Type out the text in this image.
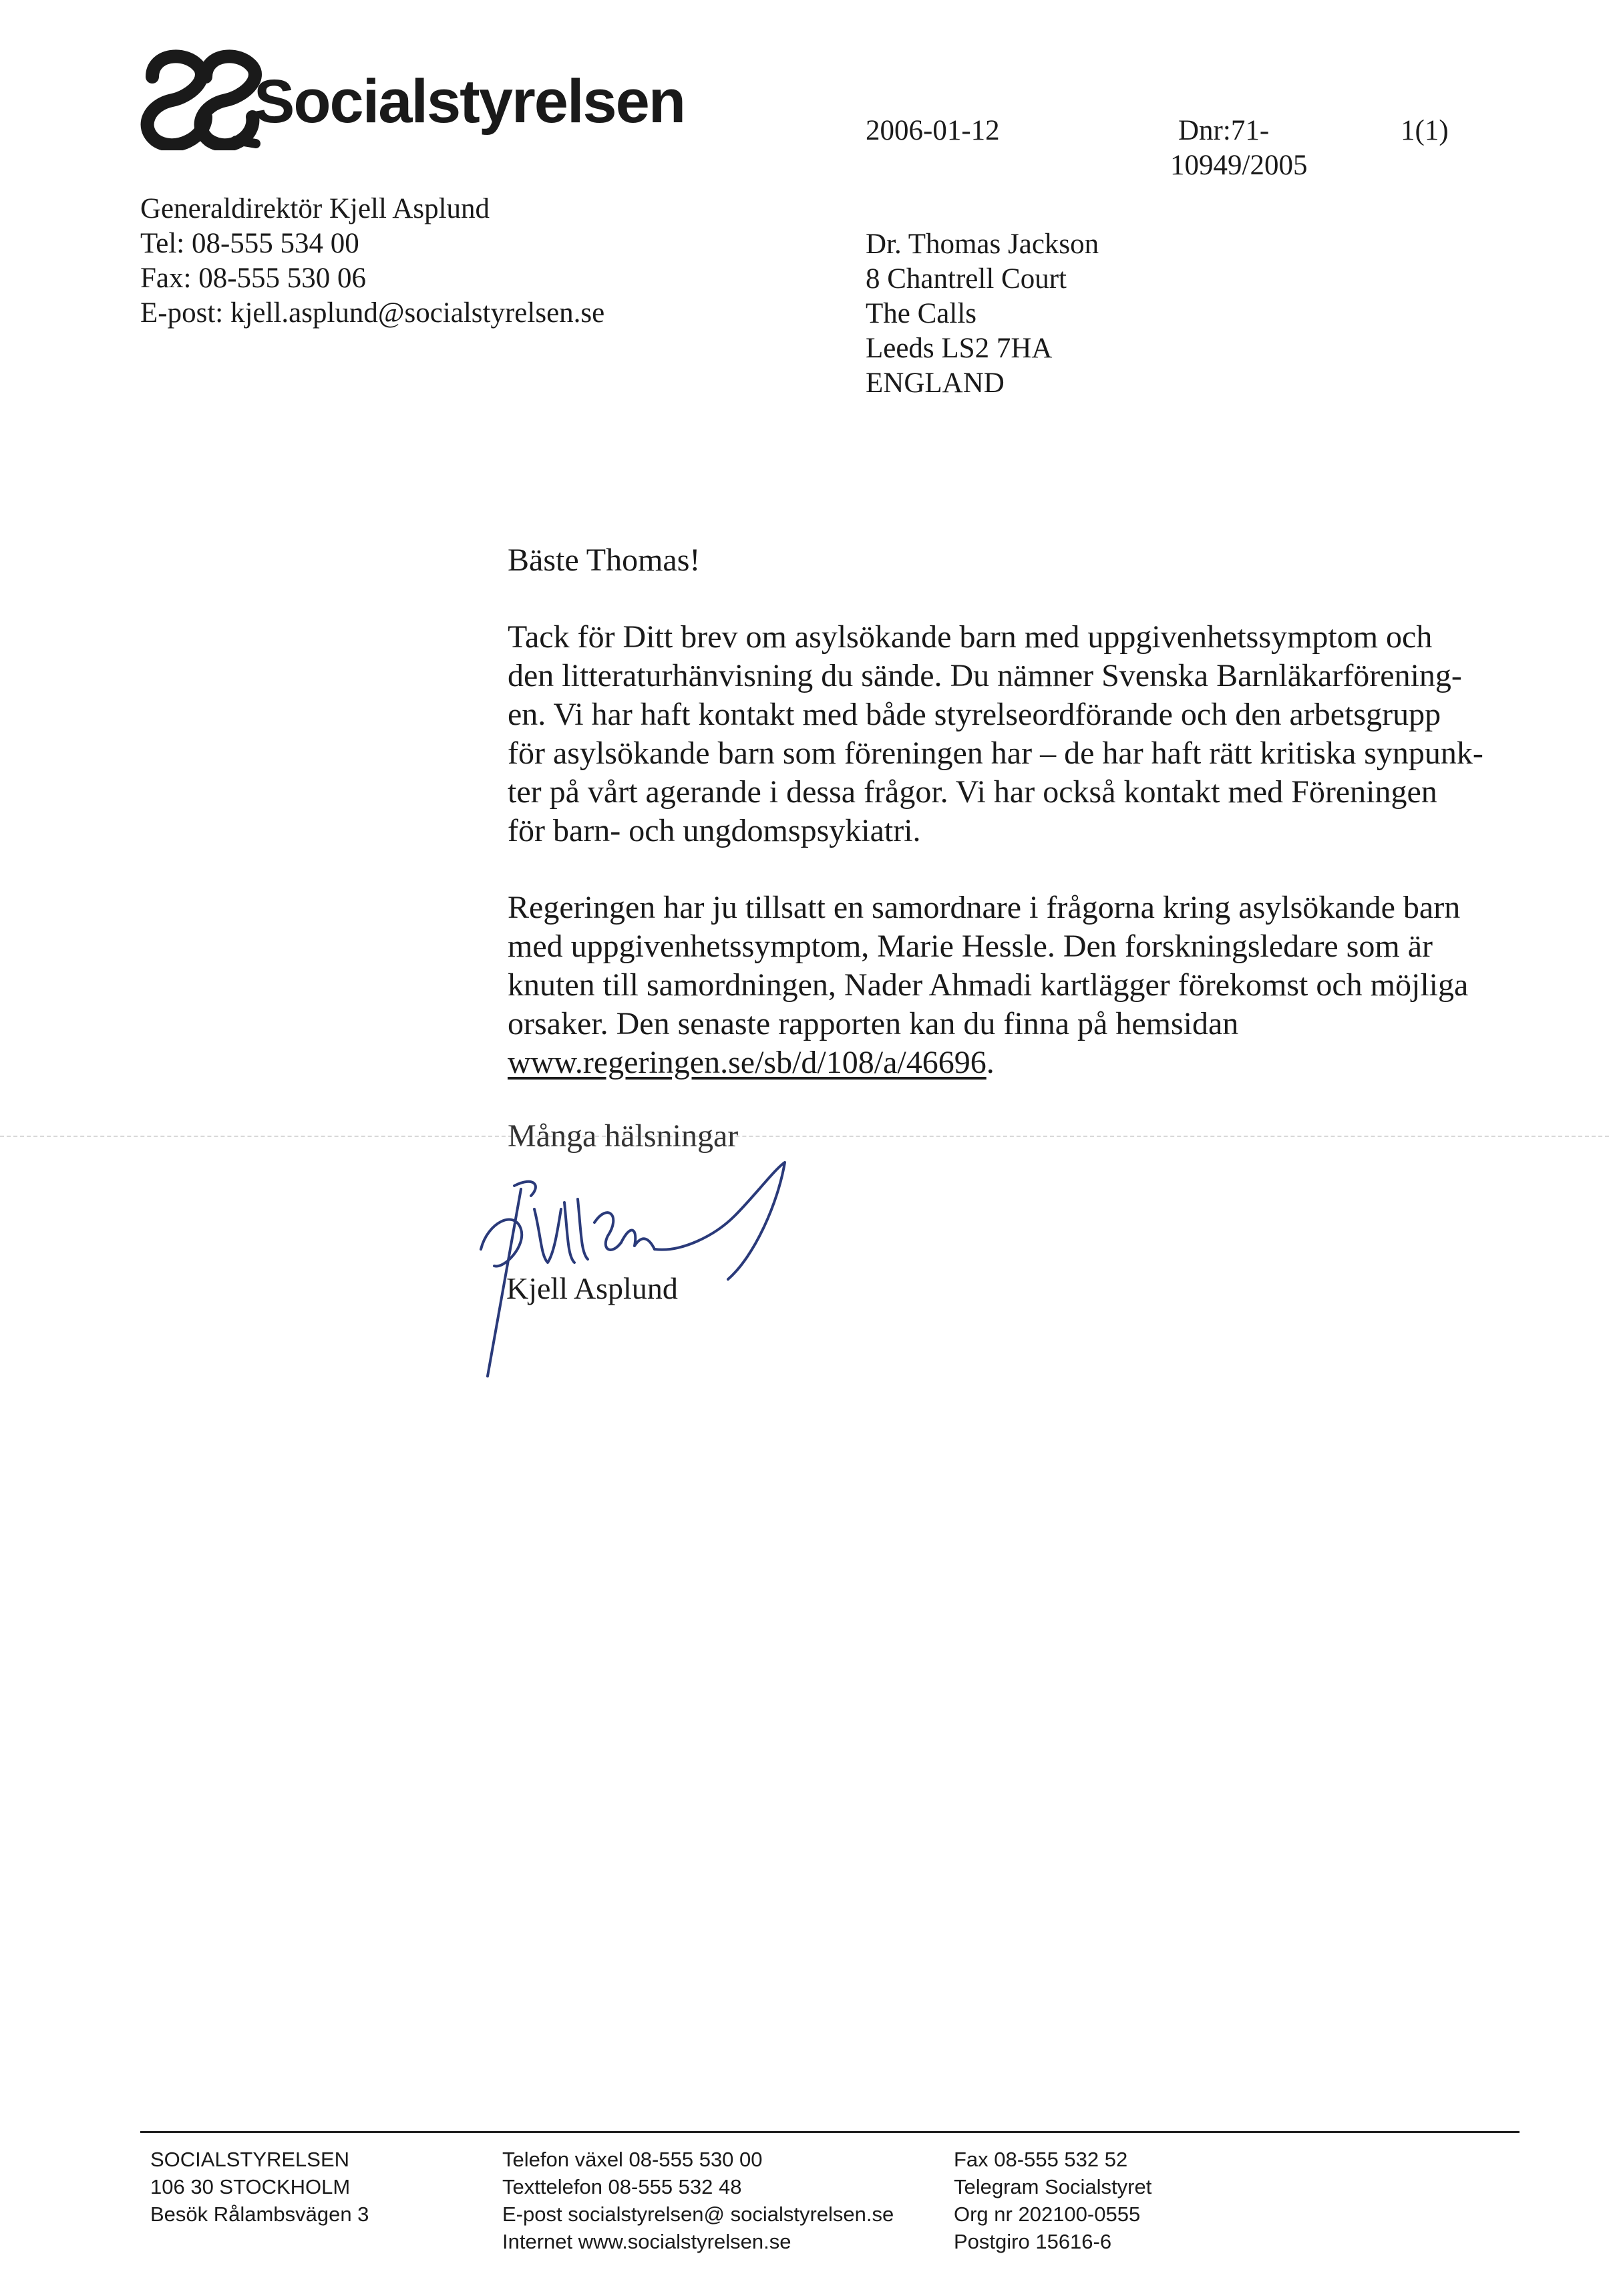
Socialstyrelsen
Generaldirektör Kjell Asplund
Tel: 08-555 534 00
Fax: 08-555 530 06
E-post: kjell.asplund@socialstyrelsen.se
2006-01-12	Dnr:71-
10949/2005
1(1)
Dr. Thomas Jackson
8 Chantrell Court
The Calls
Leeds LS2 7HA
ENGLAND
Bäste Thomas!
Tack för Ditt brev om asylsökande barn med uppgivenhetssymptom och
den litteraturhänvisning du sände. Du nämner Svenska Barnläkarförening-
en. Vi har haft kontakt med både styrelseordförande och den arbetsgrupp
för asylsökande barn som föreningen har – de har haft rätt kritiska synpunk-
ter på vårt agerande i dessa frågor. Vi har också kontakt med Föreningen
för barn- och ungdomspsykiatri.
Regeringen har ju tillsatt en samordnare i frågorna kring asylsökande barn
med uppgivenhetssymptom, Marie Hessle. Den forskningsledare som är
knuten till samordningen, Nader Ahmadi kartlägger förekomst och möjliga
orsaker. Den senaste rapporten kan du finna på hemsidan
www.regeringen.se/sb/d/108/a/46696.
Många hälsningar
Kjell Asplund
SOCIALSTYRELSEN
106 30 STOCKHOLM
Besök Rålambsvägen 3
Telefon växel 08-555 530 00
Texttelefon 08-555 532 48
E-post socialstyrelsen@ socialstyrelsen.se
Internet www.socialstyrelsen.se
Fax 08-555 532 52
Telegram Socialstyret
Org nr 202100-0555
Postgiro 15616-6
